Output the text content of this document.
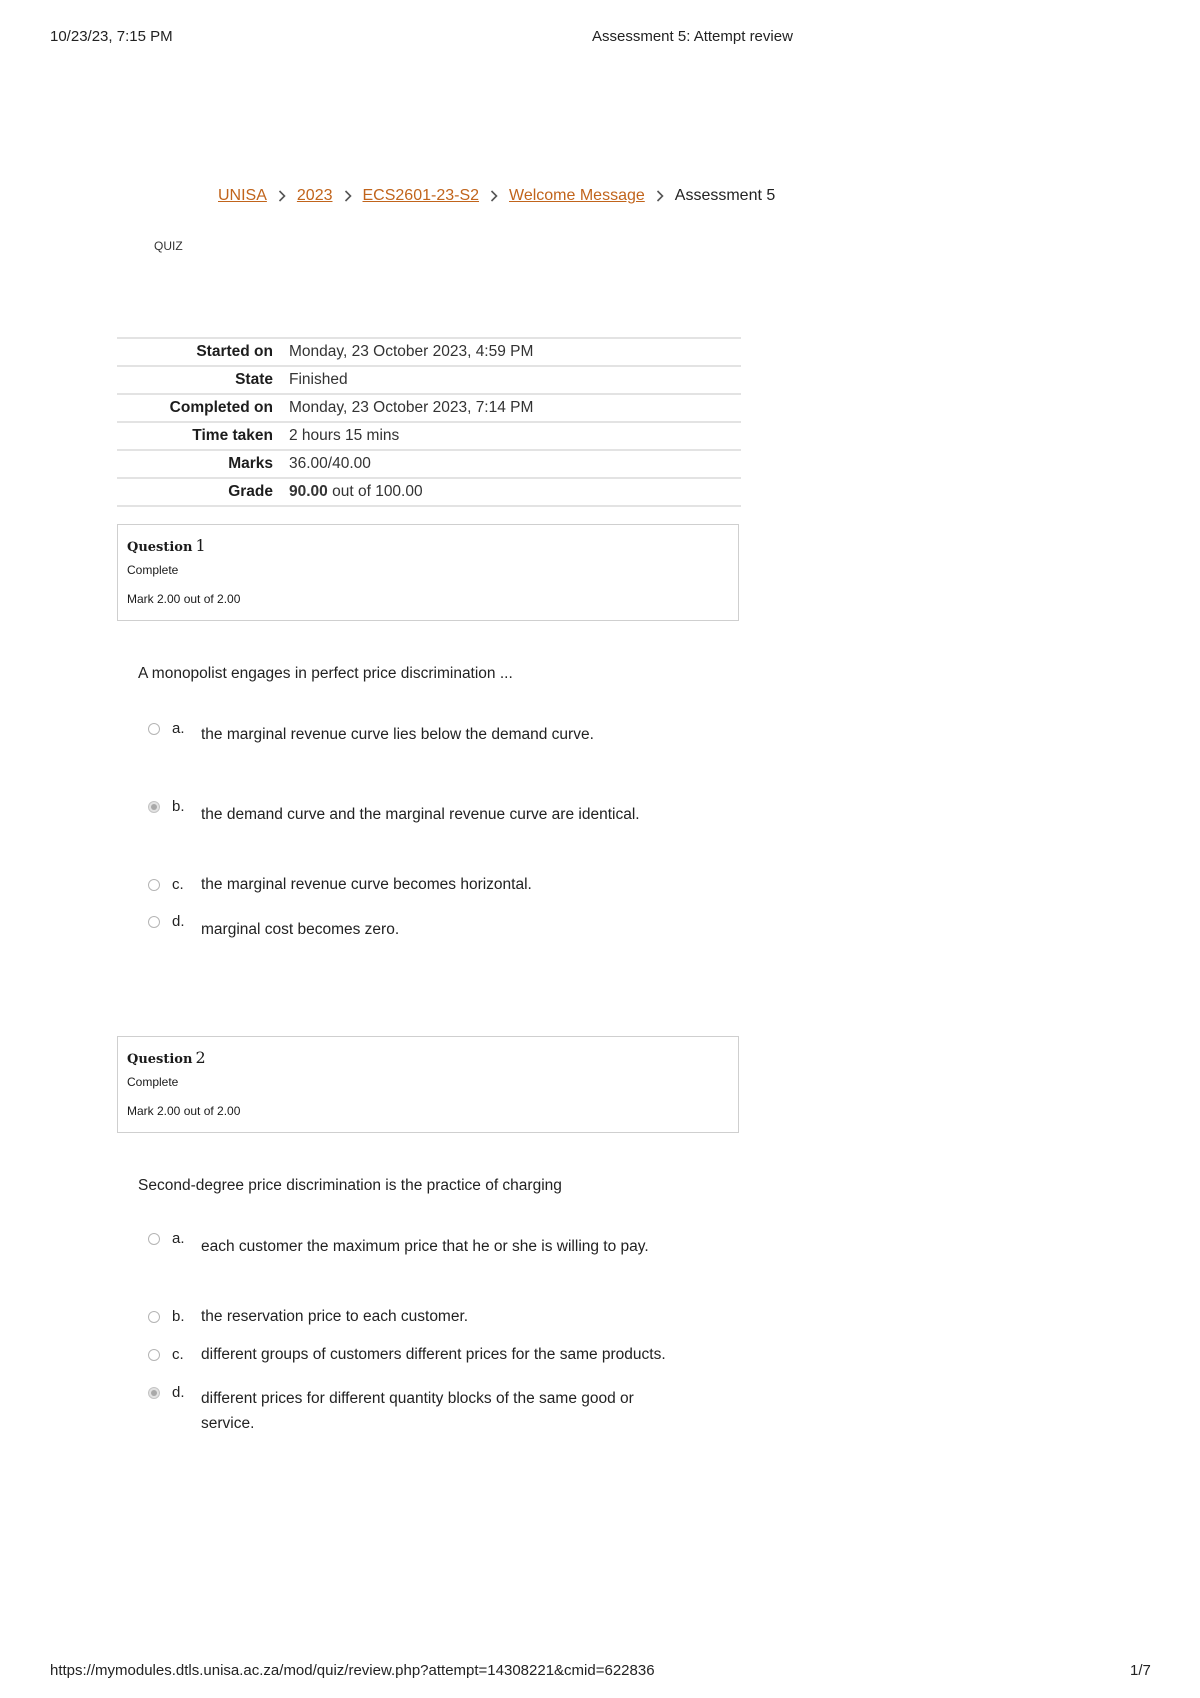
10/23/23, 7:15 PM	Assessment 5: Attempt review
UNISA 2023 ECS2601-23-S2 Welcome Message Assessment 5
QUIZ
Started on	Monday, 23 October 2023, 4:59 PM
State	Finished
Completed on	Monday, 23 October 2023, 7:14 PM
Time taken	2 hours 15 mins
Marks	36.00/40.00
Grade	90.00 out of 100.00
Question 1
Complete
Mark 2.00 out of 2.00
A monopolist engages in perfect price discrimination ...
a. the marginal revenue curve lies below the demand curve.
b. the demand curve and the marginal revenue curve are identical.
c. the marginal revenue curve becomes horizontal.
d. marginal cost becomes zero.
Question 2
Complete
Mark 2.00 out of 2.00
Second-degree price discrimination is the practice of charging
a. each customer the maximum price that he or she is willing to pay.
b. the reservation price to each customer.
c. different groups of customers different prices for the same products.
d. different prices for different quantity blocks of the same good or service.
https://mymodules.dtls.unisa.ac.za/mod/quiz/review.php?attempt=14308221&cmid=622836	1/7
